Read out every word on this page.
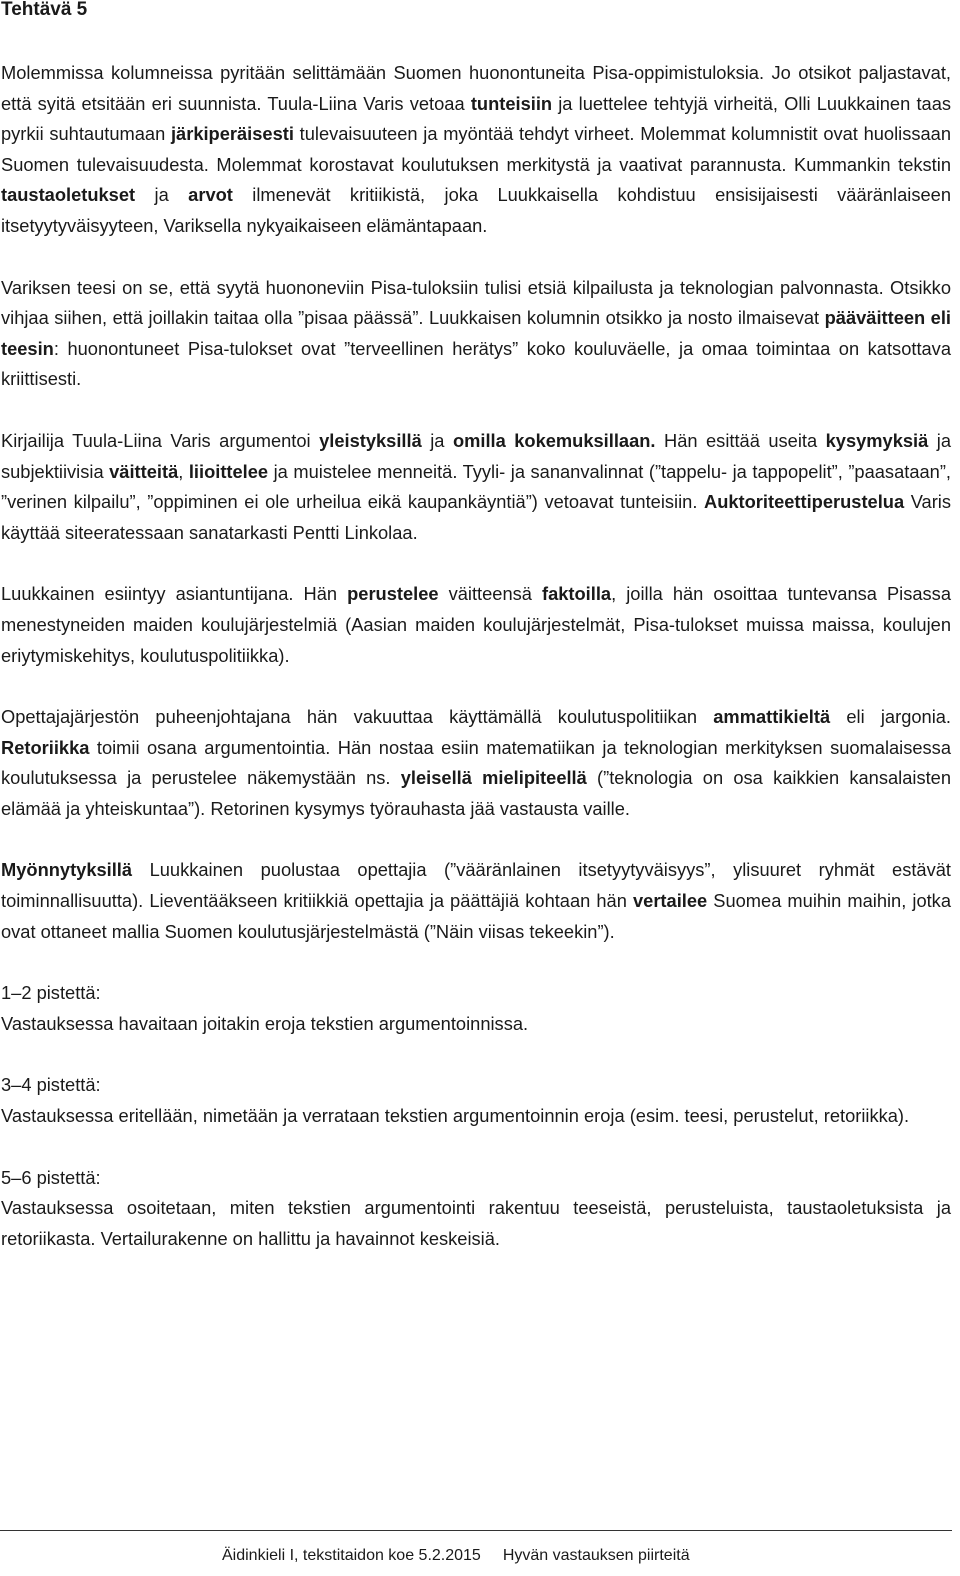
Tehtävä 5

Molemmissa kolumneissa pyritään selittämään Suomen huonontuneita Pisa-oppimistuloksia. Jo otsikot paljastavat, että syitä etsitään eri suunnista. Tuula-Liina Varis vetoaa tunteisiin ja luettelee tehtyjä virheitä, Olli Luukkainen taas pyrkii suhtautumaan järkiperäisesti tulevaisuuteen ja myöntää tehdyt virheet. Molemmat kolumnistit ovat huolissaan Suomen tulevaisuudesta. Molemmat korostavat koulutuksen merkitystä ja vaativat parannusta. Kummankin tekstin taustaoletukset ja arvot ilmenevät kritiikistä, joka Luukkaisella kohdistuu ensisijaisesti vääränlaiseen itsetyytyväisyyteen, Variksella nykyaikaiseen elämäntapaan.

Variksen teesi on se, että syytä huononeviin Pisa-tuloksiin tulisi etsiä kilpailusta ja teknologian palvonnasta. Otsikko vihjaa siihen, että joillakin taitaa olla ”pisaa päässä”. Luukkaisen kolumnin otsikko ja nosto ilmaisevat pääväitteen eli teesin: huonontuneet Pisa-tulokset ovat ”terveellinen herätys” koko kouluväelle, ja omaa toimintaa on katsottava kriittisesti.

Kirjailija Tuula-Liina Varis argumentoi yleistyksillä ja omilla kokemuksillaan. Hän esittää useita kysymyksiä ja subjektiivisia väitteitä, liioittelee ja muistelee menneitä. Tyyli- ja sananvalinnat (”tappelu- ja tappopelit”, ”paasataan”, ”verinen kilpailu”, ”oppiminen ei ole urheilua eikä kaupankäyntiä”) vetoavat tunteisiin. Auktoriteettiperustelua Varis käyttää siteeratessaan sanatarkasti Pentti Linkolaa.

Luukkainen esiintyy asiantuntijana. Hän perustelee väitteensä faktoilla, joilla hän osoittaa tuntevansa Pisassa menestyneiden maiden koulujärjestelmiä (Aasian maiden koulujärjestelmät, Pisa-tulokset muissa maissa, koulujen eriytymiskehitys, koulutuspolitiikka).

Opettajajärjestön puheenjohtajana hän vakuuttaa käyttämällä koulutuspolitiikan ammattikieltä eli jargonia. Retoriikka toimii osana argumentointia. Hän nostaa esiin matematiikan ja teknologian merkityksen suomalaisessa koulutuksessa ja perustelee näkemystään ns. yleisellä mielipiteellä (”teknologia on osa kaikkien kansalaisten elämää ja yhteiskuntaa”). Retorinen kysymys työrauhasta jää vastausta vaille.

Myönnytyksillä Luukkainen puolustaa opettajia (”vääränlainen itsetyytyväisyys”, ylisuuret ryhmät estävät toiminnallisuutta). Lieventääkseen kritiikkiä opettajia ja päättäjiä kohtaan hän vertailee Suomea muihin maihin, jotka ovat ottaneet mallia Suomen koulutusjärjestelmästä (”Näin viisas tekeekin”).

1–2 pistettä:
Vastauksessa havaitaan joitakin eroja tekstien argumentoinnissa.

3–4 pistettä:
Vastauksessa eritellään, nimetään ja verrataan tekstien argumentoinnin eroja (esim. teesi, perustelut, retoriikka).

5–6 pistettä:
Vastauksessa osoitetaan, miten tekstien argumentointi rakentuu teeseistä, perusteluista, taustaoletuksista ja retoriikasta. Vertailurakenne on hallittu ja havainnot keskeisiä.

Äidinkieli I, tekstitaidon koe 5.2.2015 Hyvän vastauksen piirteitä
